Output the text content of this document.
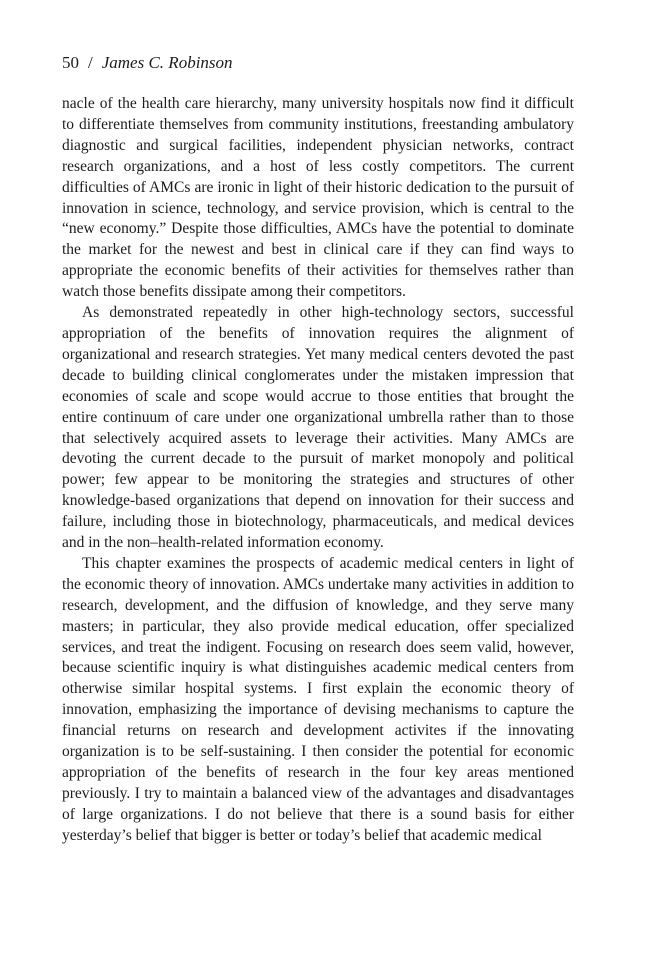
50 / James C. Robinson

nacle of the health care hierarchy, many university hospitals now find it difficult to differentiate themselves from community institutions, freestanding ambulatory diagnostic and surgical facilities, independent physician networks, contract research organizations, and a host of less costly competitors. The current difficulties of AMCs are ironic in light of their historic dedication to the pursuit of innovation in science, technology, and service provision, which is central to the “new economy.” Despite those difficulties, AMCs have the potential to dominate the market for the newest and best in clinical care if they can find ways to appropriate the economic benefits of their activities for themselves rather than watch those benefits dissipate among their competitors.

As demonstrated repeatedly in other high-technology sectors, successful appropriation of the benefits of innovation requires the alignment of organizational and research strategies. Yet many medical centers devoted the past decade to building clinical conglomerates under the mistaken impression that economies of scale and scope would accrue to those entities that brought the entire continuum of care under one organizational umbrella rather than to those that selectively acquired assets to leverage their activities. Many AMCs are devoting the current decade to the pursuit of market monopoly and political power; few appear to be monitoring the strategies and structures of other knowledge-based organizations that depend on innovation for their success and failure, including those in biotechnology, pharmaceuticals, and medical devices and in the non–health-related information economy.

This chapter examines the prospects of academic medical centers in light of the economic theory of innovation. AMCs undertake many activities in addition to research, development, and the diffusion of knowledge, and they serve many masters; in particular, they also provide medical education, offer specialized services, and treat the indigent. Focusing on research does seem valid, however, because scientific inquiry is what distinguishes academic medical centers from otherwise similar hospital systems. I first explain the economic theory of innovation, emphasizing the importance of devising mechanisms to capture the financial returns on research and development activites if the innovating organization is to be self-sustaining. I then consider the potential for economic appropriation of the benefits of research in the four key areas mentioned previously. I try to maintain a balanced view of the advantages and disadvantages of large organizations. I do not believe that there is a sound basis for either yesterday’s belief that bigger is better or today’s belief that academic medical
